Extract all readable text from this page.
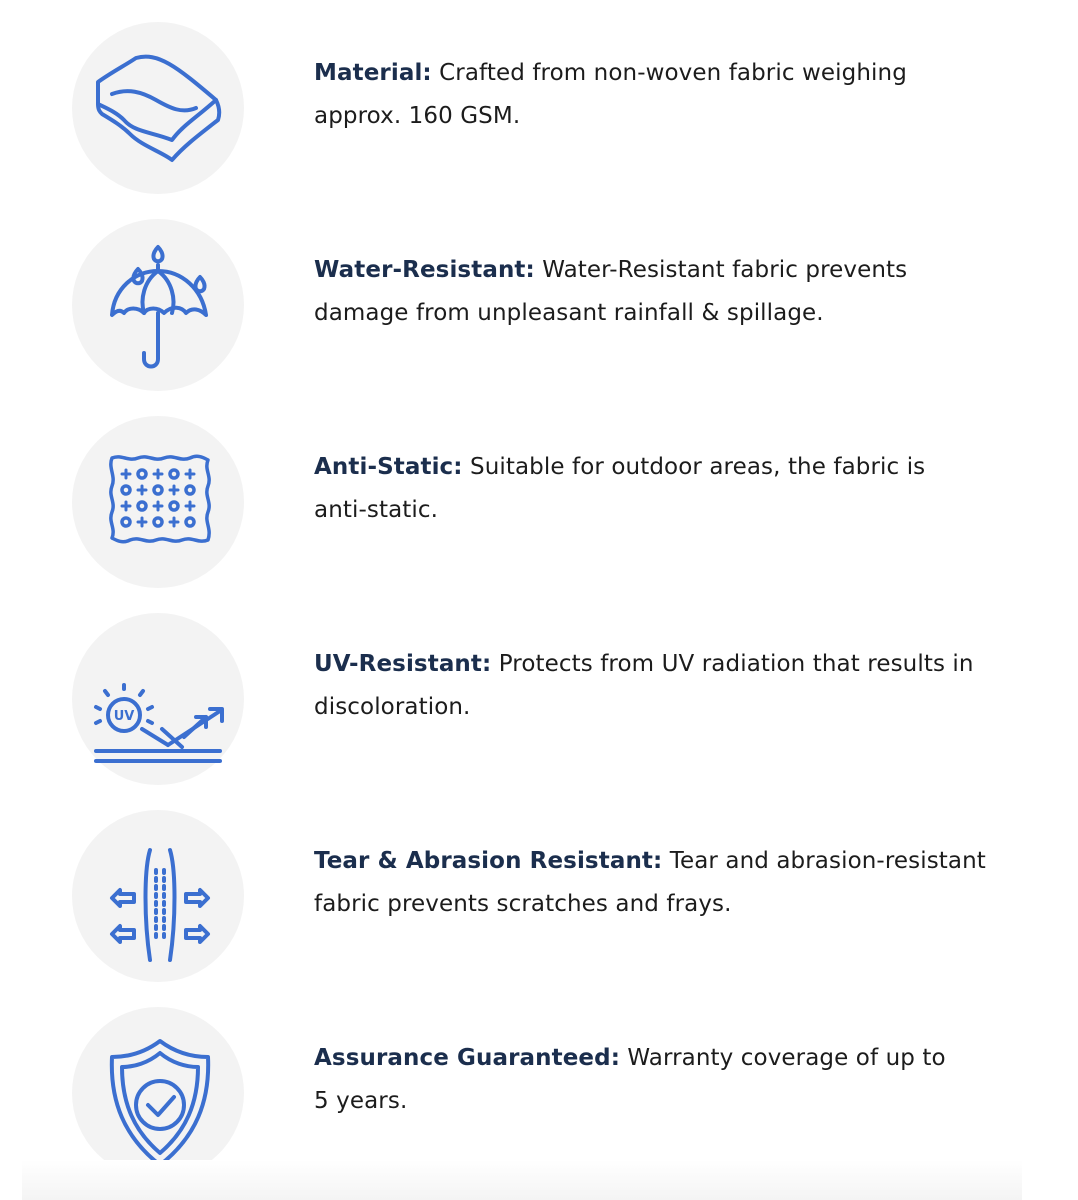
Material: Crafted from non-woven fabric weighing
approx. 160 GSM.
Water-Resistant: Water-Resistant fabric prevents
damage from unpleasant rainfall & spillage.
Anti-Static: Suitable for outdoor areas, the fabric is
anti-static.
UV
UV-Resistant: Protects from UV radiation that results in
discoloration.
Tear & Abrasion Resistant: Tear and abrasion-resistant
fabric prevents scratches and frays.
Assurance Guaranteed: Warranty coverage of up to
5 years.
